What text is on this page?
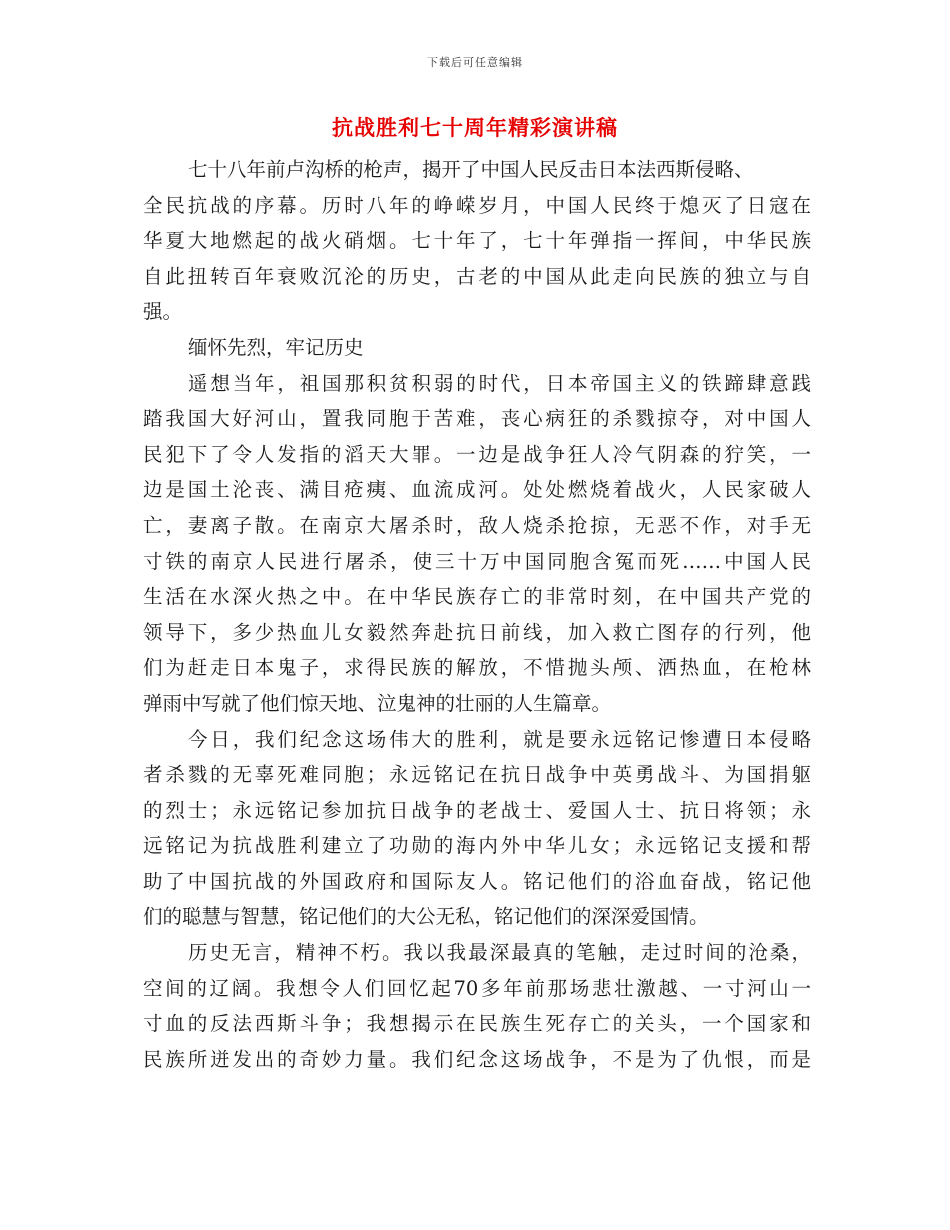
下载后可任意编辑
抗战胜利七十周年精彩演讲稿
七十八年前卢沟桥的枪声，揭开了中国人民反击日本法西斯侵略、
全民抗战的序幕。历时八年的峥嵘岁月，中国人民终于熄灭了日寇在
华夏大地燃起的战火硝烟。七十年了，七十年弹指一挥间，中华民族
自此扭转百年衰败沉沦的历史，古老的中国从此走向民族的独立与自
强。
缅怀先烈，牢记历史
遥想当年，祖国那积贫积弱的时代，日本帝国主义的铁蹄肆意践
踏我国大好河山，置我同胞于苦难，丧心病狂的杀戮掠夺，对中国人
民犯下了令人发指的滔天大罪。一边是战争狂人冷气阴森的狞笑，一
边是国土沦丧、满目疮痍、血流成河。处处燃烧着战火，人民家破人
亡，妻离子散。在南京大屠杀时，敌人烧杀抢掠，无恶不作，对手无
寸铁的南京人民进行屠杀，使三十万中国同胞含冤而死……中国人民
生活在水深火热之中。在中华民族存亡的非常时刻，在中国共产党的
领导下，多少热血儿女毅然奔赴抗日前线，加入救亡图存的行列，他
们为赶走日本鬼子，求得民族的解放，不惜抛头颅、洒热血，在枪林
弹雨中写就了他们惊天地、泣鬼神的壮丽的人生篇章。
今日，我们纪念这场伟大的胜利，就是要永远铭记惨遭日本侵略
者杀戮的无辜死难同胞；永远铭记在抗日战争中英勇战斗、为国捐躯
的烈士；永远铭记参加抗日战争的老战士、爱国人士、抗日将领；永
远铭记为抗战胜利建立了功勋的海内外中华儿女；永远铭记支援和帮
助了中国抗战的外国政府和国际友人。铭记他们的浴血奋战，铭记他
们的聪慧与智慧，铭记他们的大公无私，铭记他们的深深爱国情。
历史无言，精神不朽。我以我最深最真的笔触，走过时间的沧桑，
空间的辽阔。我想令人们回忆起70多年前那场悲壮激越、一寸河山一
寸血的反法西斯斗争；我想揭示在民族生死存亡的关头，一个国家和
民族所迸发出的奇妙力量。我们纪念这场战争，不是为了仇恨，而是
